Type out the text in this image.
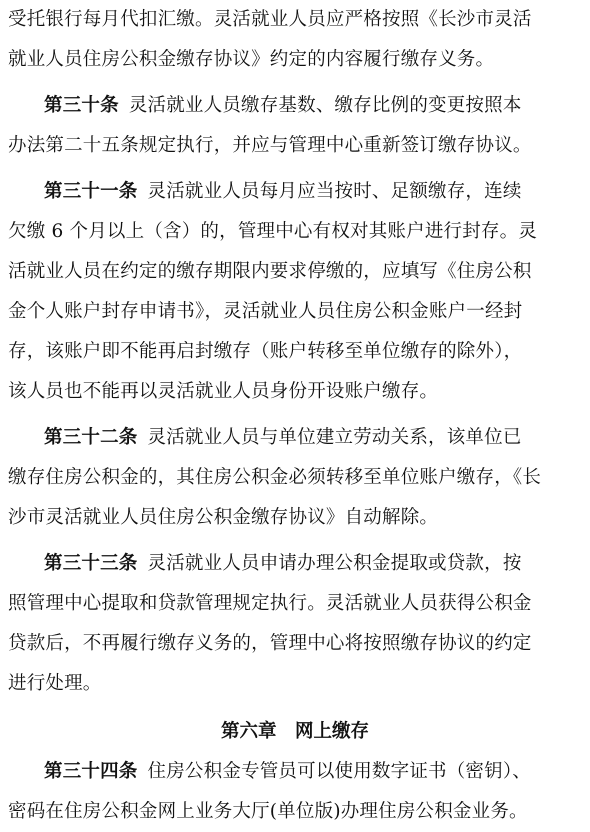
受托银行每月代扣汇缴。灵活就业人员应严格按照《长沙市灵活
就业人员住房公积金缴存协议》约定的内容履行缴存义务。
第三十条 灵活就业人员缴存基数、缴存比例的变更按照本
办法第二十五条规定执行，并应与管理中心重新签订缴存协议。
第三十一条 灵活就业人员每月应当按时、足额缴存，连续
欠缴 6 个月以上（含）的，管理中心有权对其账户进行封存。灵
活就业人员在约定的缴存期限内要求停缴的，应填写《住房公积
金个人账户封存申请书》，灵活就业人员住房公积金账户一经封
存，该账户即不能再启封缴存（账户转移至单位缴存的除外），
该人员也不能再以灵活就业人员身份开设账户缴存。
第三十二条 灵活就业人员与单位建立劳动关系，该单位已
缴存住房公积金的，其住房公积金必须转移至单位账户缴存，《长
沙市灵活就业人员住房公积金缴存协议》自动解除。
第三十三条 灵活就业人员申请办理公积金提取或贷款，按
照管理中心提取和贷款管理规定执行。灵活就业人员获得公积金
贷款后，不再履行缴存义务的，管理中心将按照缴存协议的约定
进行处理。
第六章　网上缴存
第三十四条 住房公积金专管员可以使用数字证书（密钥）、
密码在住房公积金网上业务大厅(单位版)办理住房公积金业务。
